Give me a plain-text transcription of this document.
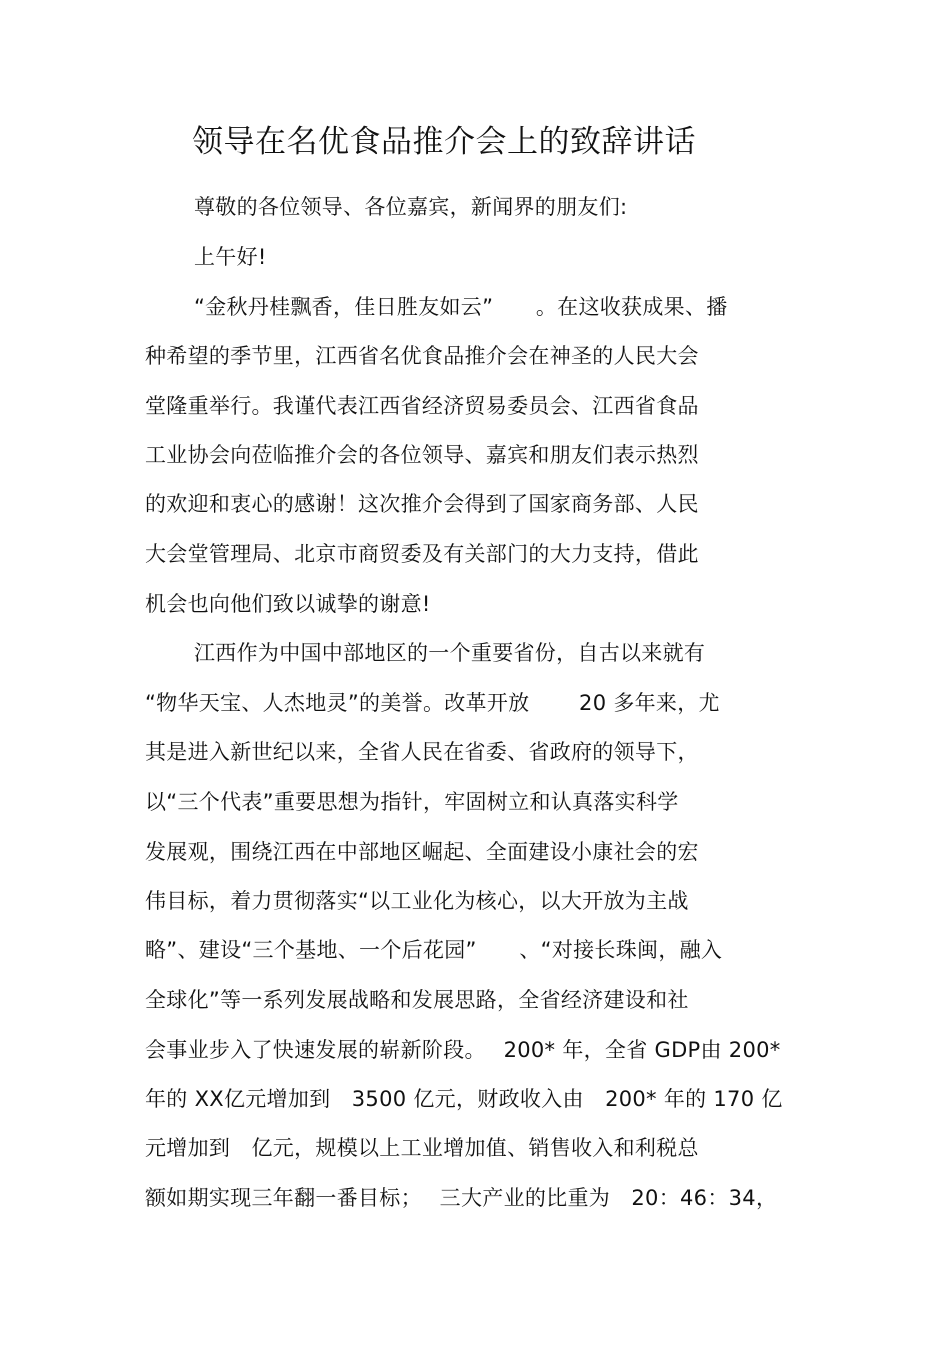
领导在名优食品推介会上的致辞讲话
尊敬的各位领导、各位嘉宾，新闻界的朋友们:
上午好!
“金秋丹桂飘香，佳日胜友如云”　　。在这收获成果、播
种希望的季节里，江西省名优食品推介会在神圣的人民大会
堂隆重举行。我谨代表江西省经济贸易委员会、江西省食品
工业协会向莅临推介会的各位领导、嘉宾和朋友们表示热烈
的欢迎和衷心的感谢！这次推介会得到了国家商务部、人民
大会堂管理局、北京市商贸委及有关部门的大力支持，借此
机会也向他们致以诚挚的谢意!
江西作为中国中部地区的一个重要省份，自古以来就有
“物华天宝、人杰地灵”的美誉。改革开放　　 20 多年来，尤
其是进入新世纪以来，全省人民在省委、省政府的领导下，
以“三个代表”重要思想为指针，牢固树立和认真落实科学
发展观，围绕江西在中部地区崛起、全面建设小康社会的宏
伟目标，着力贯彻落实“以工业化为核心，以大开放为主战
略”、建设“三个基地、一个后花园”　　、“对接长珠闽，融入
全球化”等一系列发展战略和发展思路，全省经济建设和社
会事业步入了快速发展的崭新阶段。　 200* 年，全省 GDP由 200*
年的 XX亿元增加到　3500 亿元，财政收入由　200* 年的 170 亿
元增加到　亿元，规模以上工业增加值、销售收入和利税总
额如期实现三年翻一番目标；　 三大产业的比重为　20：46：34，
